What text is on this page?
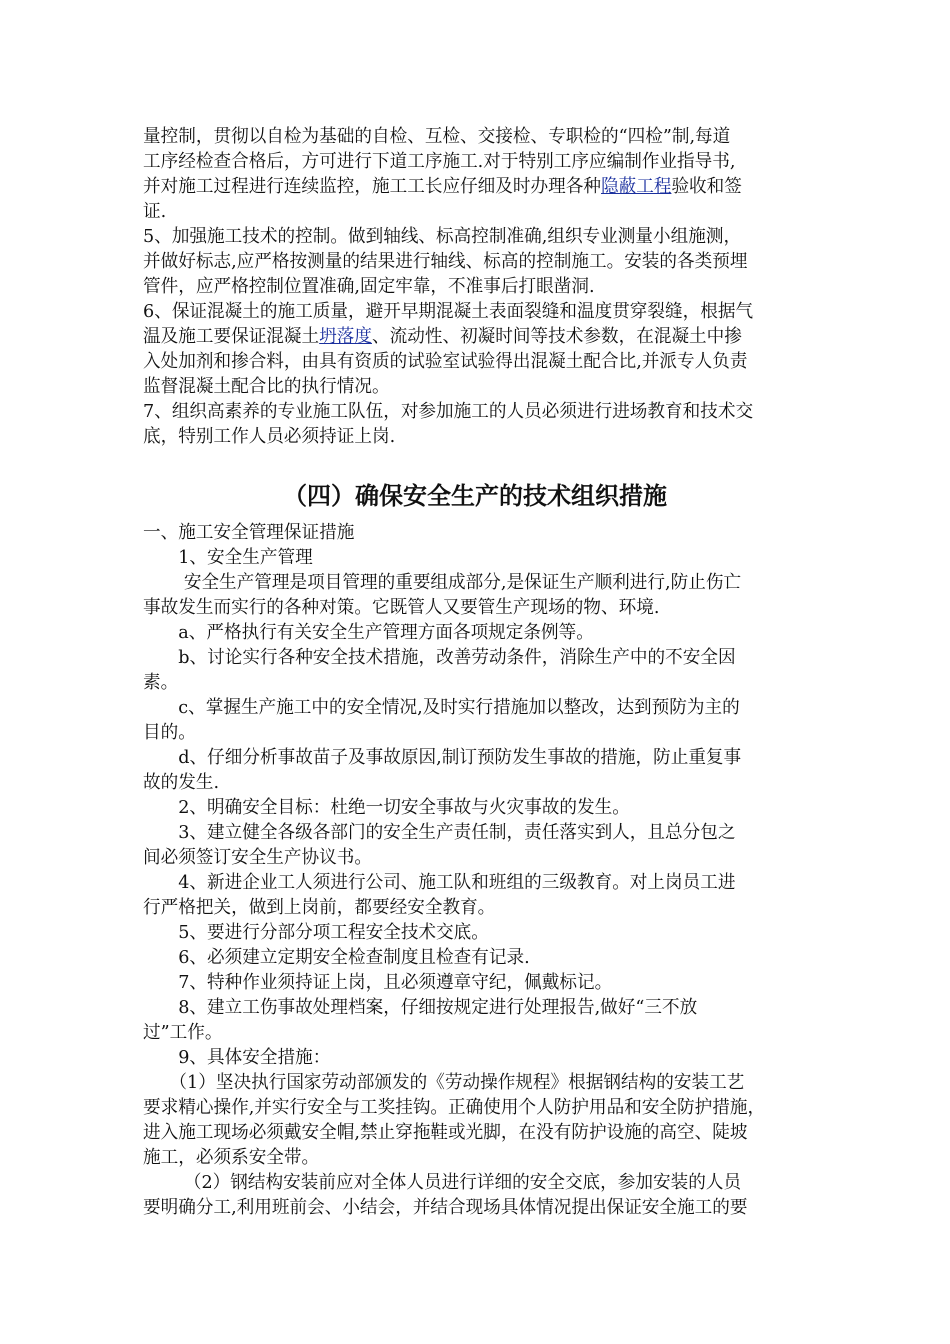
量控制，贯彻以自检为基础的自检、互检、交接检、专职检的“四检”制,每道
工序经检查合格后，方可进行下道工序施工.对于特别工序应编制作业指导书,
并对施工过程进行连续监控，施工工长应仔细及时办理各种隐蔽工程验收和签
证.
5、加强施工技术的控制。做到轴线、标高控制准确,组织专业测量小组施测，
并做好标志,应严格按测量的结果进行轴线、标高的控制施工。安装的各类预埋
管件，应严格控制位置准确,固定牢靠，不准事后打眼凿洞.
6、保证混凝土的施工质量，避开早期混凝土表面裂缝和温度贯穿裂缝，根据气
温及施工要保证混凝土坍落度、流动性、初凝时间等技术参数，在混凝土中掺
入处加剂和掺合料，由具有资质的试验室试验得出混凝土配合比,并派专人负责
监督混凝土配合比的执行情况。
7、组织高素养的专业施工队伍，对参加施工的人员必须进行进场教育和技术交
底，特别工作人员必须持证上岗.
（四）确保安全生产的技术组织措施
一、施工安全管理保证措施
　　1、安全生产管理
　　 安全生产管理是项目管理的重要组成部分,是保证生产顺利进行,防止伤亡
事故发生而实行的各种对策。它既管人又要管生产现场的物、环境.
　　a、严格执行有关安全生产管理方面各项规定条例等。
　　b、讨论实行各种安全技术措施，改善劳动条件，消除生产中的不安全因
素。
　　c、掌握生产施工中的安全情况,及时实行措施加以整改，达到预防为主的
目的。
　　d、仔细分析事故苗子及事故原因,制订预防发生事故的措施，防止重复事
故的发生.
　　2、明确安全目标：杜绝一切安全事故与火灾事故的发生。
　　3、建立健全各级各部门的安全生产责任制，责任落实到人，且总分包之
间必须签订安全生产协议书。
　　4、新进企业工人须进行公司、施工队和班组的三级教育。对上岗员工进
行严格把关，做到上岗前，都要经安全教育。
　　5、要进行分部分项工程安全技术交底。
　　6、必须建立定期安全检查制度且检查有记录.
　　7、特种作业须持证上岗，且必须遵章守纪，佩戴标记。
　　8、建立工伤事故处理档案，仔细按规定进行处理报告,做好“三不放
过”工作。
　　9、具体安全措施：
　　（1）坚决执行国家劳动部颁发的《劳动操作规程》根据钢结构的安装工艺
要求精心操作,并实行安全与工奖挂钩。正确使用个人防护用品和安全防护措施，
进入施工现场必须戴安全帽,禁止穿拖鞋或光脚，在没有防护设施的高空、陡坡
施工，必须系安全带。
　　 （2）钢结构安装前应对全体人员进行详细的安全交底，参加安装的人员
要明确分工,利用班前会、小结会，并结合现场具体情况提出保证安全施工的要
